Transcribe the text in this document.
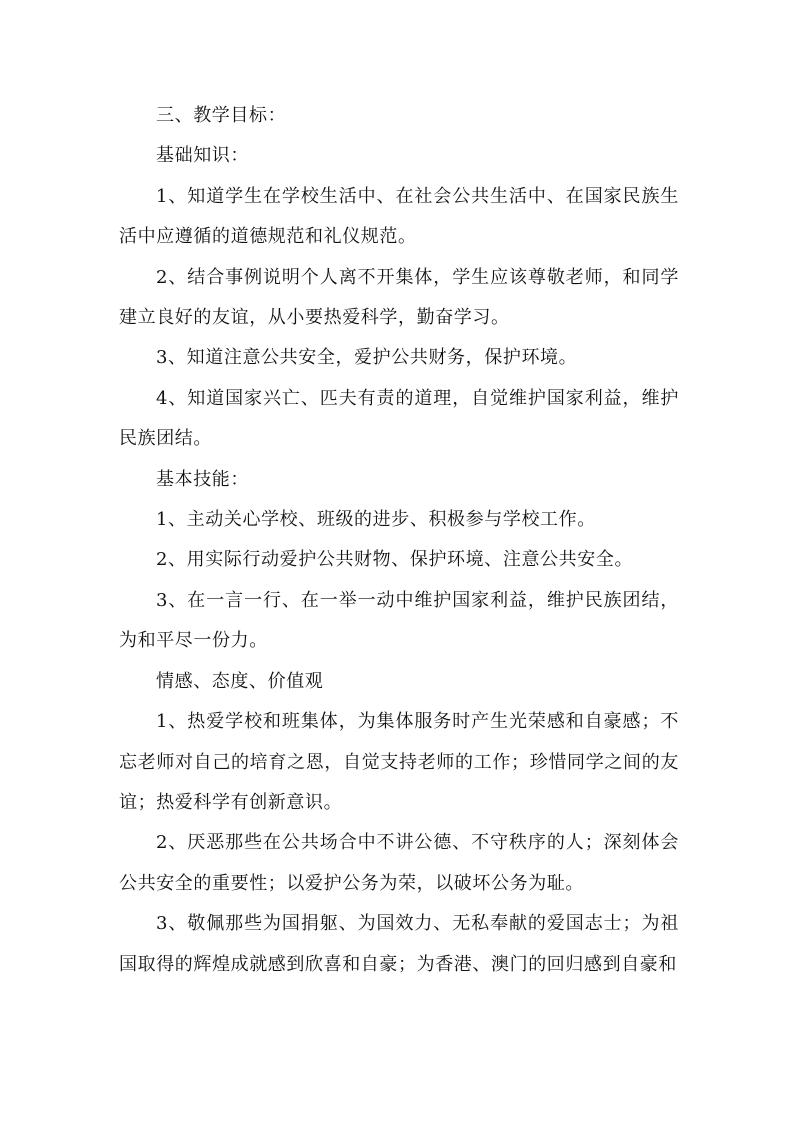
三、教学目标：

基础知识：

1、知道学生在学校生活中、在社会公共生活中、在国家民族生活中应遵循的道德规范和礼仪规范。

2、结合事例说明个人离不开集体，学生应该尊敬老师，和同学建立良好的友谊，从小要热爱科学，勤奋学习。

3、知道注意公共安全，爱护公共财务，保护环境。

4、知道国家兴亡、匹夫有责的道理，自觉维护国家利益，维护民族团结。

基本技能：

1、主动关心学校、班级的进步、积极参与学校工作。

2、用实际行动爱护公共财物、保护环境、注意公共安全。

3、在一言一行、在一举一动中维护国家利益，维护民族团结，为和平尽一份力。

情感、态度、价值观

1、热爱学校和班集体，为集体服务时产生光荣感和自豪感；不忘老师对自己的培育之恩，自觉支持老师的工作；珍惜同学之间的友谊；热爱科学有创新意识。

2、厌恶那些在公共场合中不讲公德、不守秩序的人；深刻体会公共安全的重要性；以爱护公务为荣，以破坏公务为耻。

3、敬佩那些为国捐躯、为国效力、无私奉献的爱国志士；为祖国取得的辉煌成就感到欣喜和自豪；为香港、澳门的回归感到自豪和
